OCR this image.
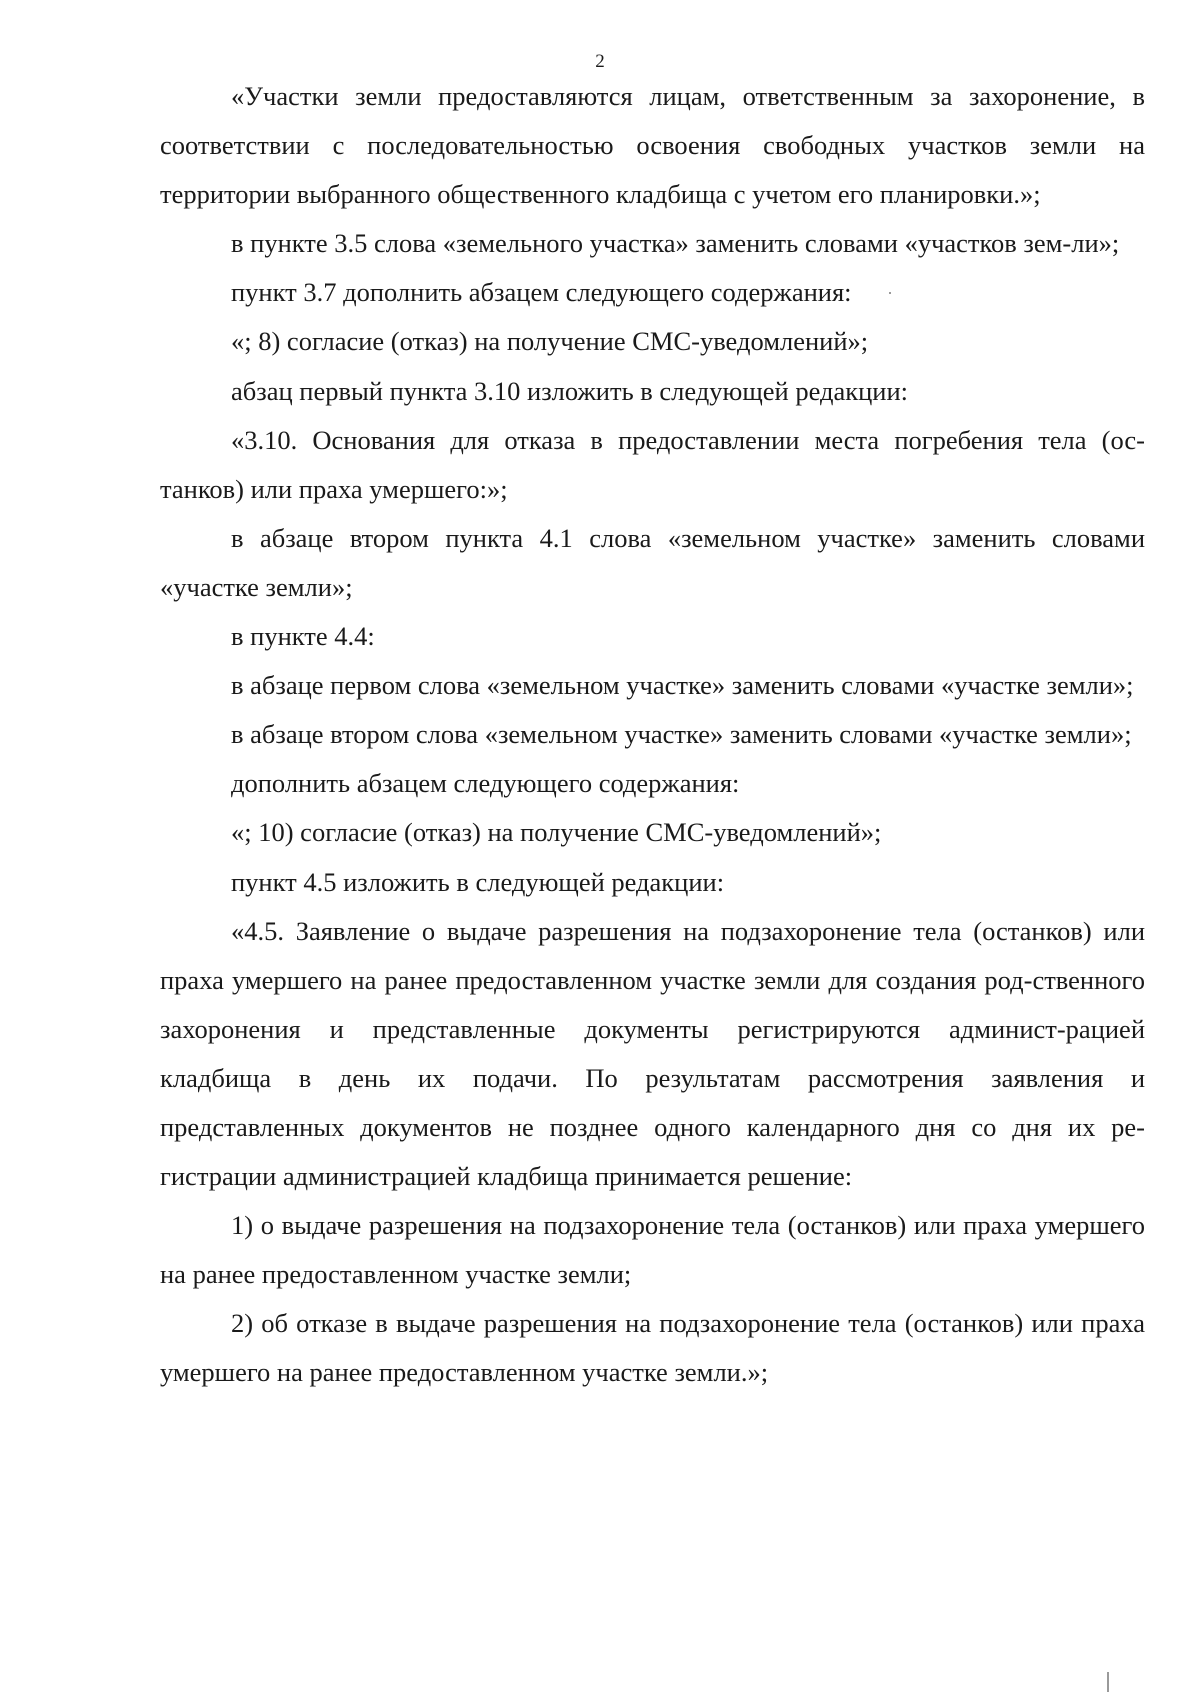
2

«Участки земли предоставляются лицам, ответственным за захоронение, в соответствии с последовательностью освоения свободных участков земли на территории выбранного общественного кладбища с учетом его планировки.»;

в пункте 3.5 слова «земельного участка» заменить словами «участков зем-ли»;

пункт 3.7 дополнить абзацем следующего содержания:

«; 8) согласие (отказ) на получение СМС-уведомлений»;

абзац первый пункта 3.10 изложить в следующей редакции:

«3.10. Основания для отказа в предоставлении места погребения тела (ос-танков) или праха умершего:»;

в абзаце втором пункта 4.1 слова «земельном участке» заменить словами «участке земли»;

в пункте 4.4:

в абзаце первом слова «земельном участке» заменить словами «участке земли»;

в абзаце втором слова «земельном участке» заменить словами «участке земли»;

дополнить абзацем следующего содержания:

«; 10) согласие (отказ) на получение СМС-уведомлений»;

пункт 4.5 изложить в следующей редакции:

«4.5. Заявление о выдаче разрешения на подзахоронение тела (останков) или праха умершего на ранее предоставленном участке земли для создания род-ственного захоронения и представленные документы регистрируются админист-рацией кладбища в день их подачи. По результатам рассмотрения заявления и представленных документов не позднее одного календарного дня со дня их ре-гистрации администрацией кладбища принимается решение:

1) о выдаче разрешения на подзахоронение тела (останков) или праха умершего на ранее предоставленном участке земли;

2) об отказе в выдаче разрешения на подзахоронение тела (останков) или праха умершего на ранее предоставленном участке земли.»;
